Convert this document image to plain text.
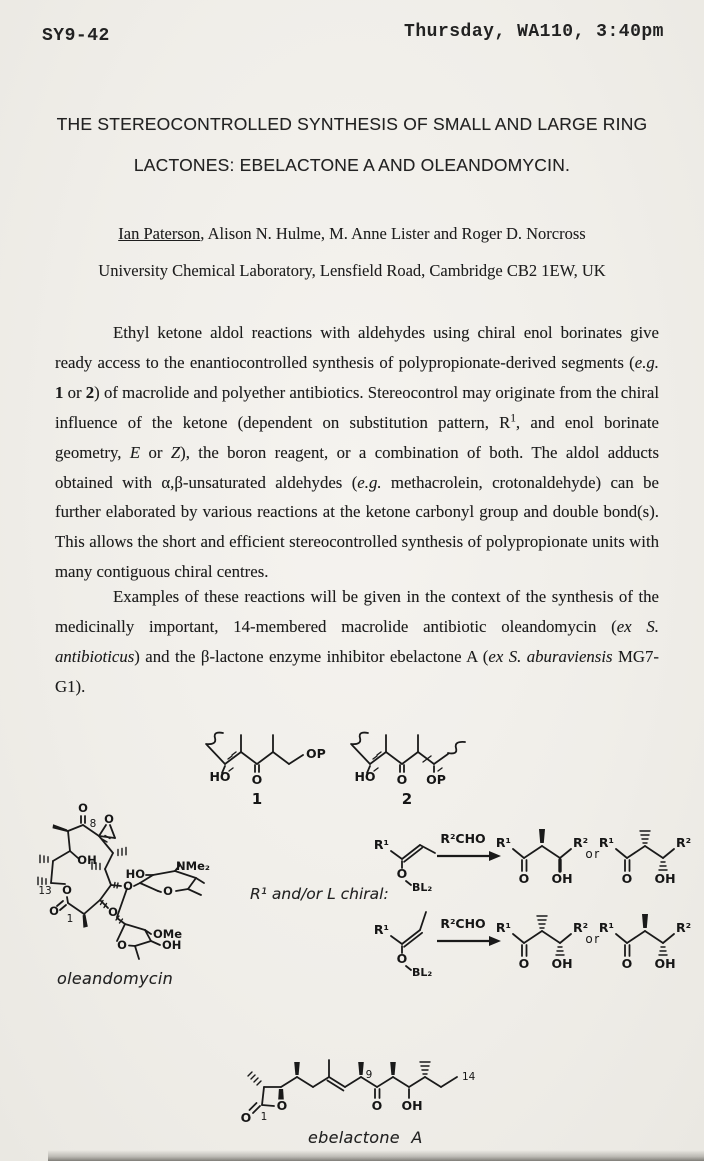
SY9-42	Thursday, WA110, 3:40pm
THE STEREOCONTROLLED SYNTHESIS OF SMALL AND LARGE RING
LACTONES: EBELACTONE A AND OLEANDOMYCIN.
Ian Paterson, Alison N. Hulme, M. Anne Lister and Roger D. Norcross
University Chemical Laboratory, Lensfield Road, Cambridge CB2 1EW, UK

Ethyl ketone aldol reactions with aldehydes using chiral enol borinates give ready access to the enantiocontrolled synthesis of polypropionate-derived segments (e.g. 1 or 2) of macrolide and polyether antibiotics. Stereocontrol may originate from the chiral influence of the ketone (dependent on substitution pattern, $R^1$, and enol borinate geometry, E or Z), the boron reagent, or a combination of both. The aldol adducts obtained with α,β-unsaturated aldehydes (e.g. methacrolein, crotonaldehyde) can be further elaborated by various reactions at the ketone carbonyl group and double bond(s). This allows the short and efficient stereocontrolled synthesis of polypropionate units with many contiguous chiral centres.

Examples of these reactions will be given in the context of the synthesis of the medicinally important, 14-membered macrolide antibiotic oleandomycin (ex S. antibioticus) and the β-lactone enzyme inhibitor ebelactone A (ex S. aburaviensis MG7-G1).

HO O
OP
1
HO O OP
2
O
8 O
OH
13 O
O
1
O
O
HO
NMe₂
O
OMe
OH
O
oleandomycin
R¹ and/or L chiral:
R¹
O
BL₂
R²CHO R¹
O OH
R²
or
R¹
O OH
R²
R¹
O
BL₂
R²CHO R¹
O OH
R²
or
R¹
O OH
R²
O
O 1
9
O OH
14
ebelactone A
